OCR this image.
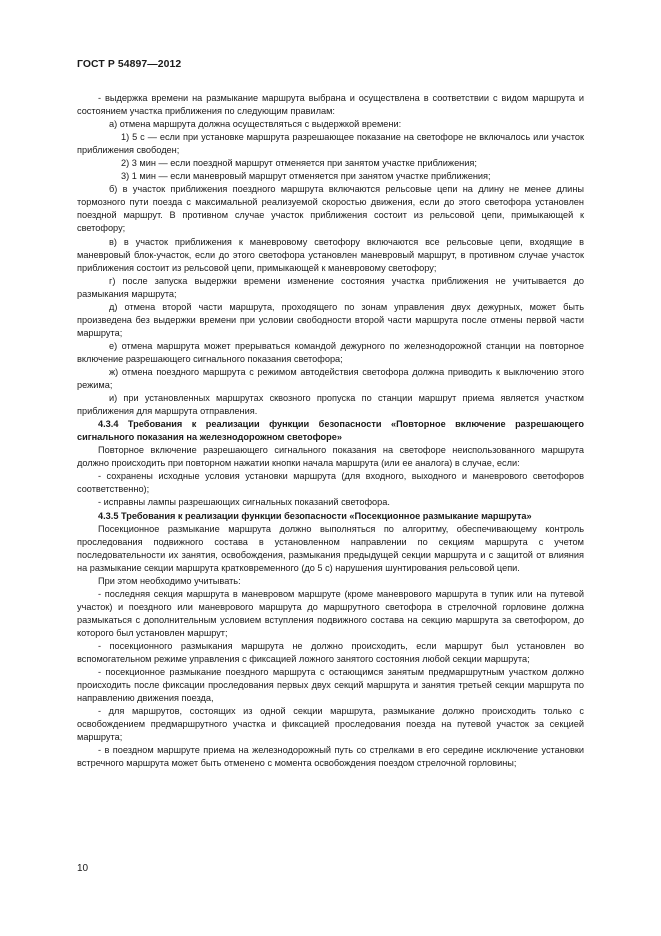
ГОСТ Р 54897—2012

- выдержка времени на размыкание маршрута выбрана и осуществлена в соответствии с видом маршрута и состоянием участка приближения по следующим правилам:

а) отмена маршрута должна осуществляться с выдержкой времени:

1) 5 с — если при установке маршрута разрешающее показание на светофоре не включалось или участок приближения свободен;

2) 3 мин — если поездной маршрут отменяется при занятом участке приближения;

3) 1 мин — если маневровый маршрут отменяется при занятом участке приближения;

б) в участок приближения поездного маршрута включаются рельсовые цепи на длину не менее длины тормозного пути поезда с максимальной реализуемой скоростью движения, если до этого светофора установлен поездной маршрут. В противном случае участок приближения состоит из рельсовой цепи, примыкающей к светофору;

в) в участок приближения к маневровому светофору включаются все рельсовые цепи, входящие в маневровый блок-участок, если до этого светофора установлен маневровый маршрут, в противном случае участок приближения состоит из рельсовой цепи, примыкающей к маневровому светофору;

г) после запуска выдержки времени изменение состояния участка приближения не учитывается до размыкания маршрута;

д) отмена второй части маршрута, проходящего по зонам управления двух дежурных, может быть произведена без выдержки времени при условии свободности второй части маршрута после отмены первой части маршрута;

е) отмена маршрута может прерываться командой дежурного по железнодорожной станции на повторное включение разрешающего сигнального показания светофора;

ж) отмена поездного маршрута с режимом автодействия светофора должна приводить к выключению этого режима;

и) при установленных маршрутах сквозного пропуска по станции маршрут приема является участком приближения для маршрута отправления.

4.3.4 Требования к реализации функции безопасности «Повторное включение разрешающего сигнального показания на железнодорожном светофоре»

Повторное включение разрешающего сигнального показания на светофоре неиспользованного маршрута должно происходить при повторном нажатии кнопки начала маршрута (или ее аналога) в случае, если:

- сохранены исходные условия установки маршрута (для входного, выходного и маневрового светофоров соответственно);

- исправны лампы разрешающих сигнальных показаний светофора.

4.3.5 Требования к реализации функции безопасности «Посекционное размыкание маршрута»

Посекционное размыкание маршрута должно выполняться по алгоритму, обеспечивающему контроль проследования подвижного состава в установленном направлении по секциям маршрута с учетом последовательности их занятия, освобождения, размыкания предыдущей секции маршрута и с защитой от влияния на размыкание секции маршрута кратковременного (до 5 с) нарушения шунтирования рельсовой цепи.

При этом необходимо учитывать:

- последняя секция маршрута в маневровом маршруте (кроме маневрового маршрута в тупик или на путевой участок) и поездного или маневрового маршрута до маршрутного светофора в стрелочной горловине должна размыкаться с дополнительным условием вступления подвижного состава на секцию маршрута за светофором, до которого был установлен маршрут;

- посекционного размыкания маршрута не должно происходить, если маршрут был установлен во вспомогательном режиме управления с фиксацией ложного занятого состояния любой секции маршрута;

- посекционное размыкание поездного маршрута с остающимся занятым предмаршрутным участком должно происходить после фиксации проследования первых двух секций маршрута и занятия третьей секции маршрута по направлению движения поезда,

- для маршрутов, состоящих из одной секции маршрута, размыкание должно происходить только с освобождением предмаршрутного участка и фиксацией проследования поезда на путевой участок за секцией маршрута;

- в поездном маршруте приема на железнодорожный путь со стрелками в его середине исключение установки встречного маршрута может быть отменено с момента освобождения поездом стрелочной горловины;

10
